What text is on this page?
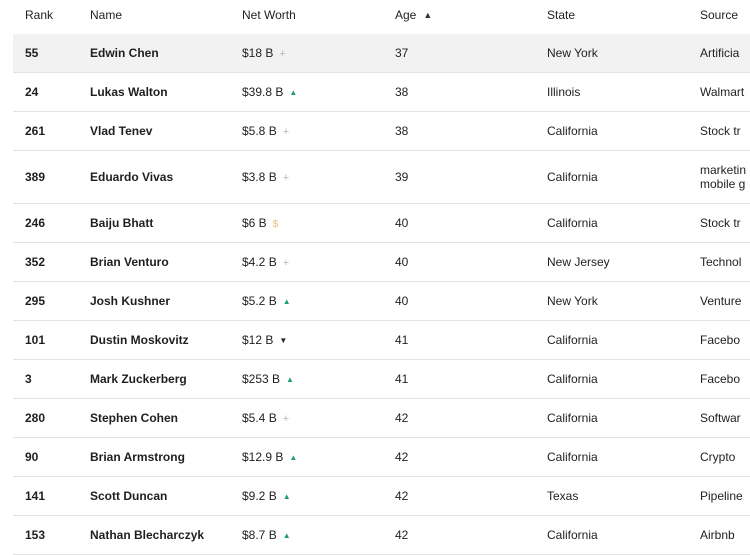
Rank	Name	Net Worth	Age ▲	State	Source
55	Edwin Chen	$18 B +	37	New York	Artificia
24	Lukas Walton	$39.8 B ▲	38	Illinois	Walmart
261	Vlad Tenev	$5.8 B +	38	California	Stock tr
389	Eduardo Vivas	$3.8 B +	39	California	marketin
mobile g
246	Baiju Bhatt	$6 B $	40	California	Stock tr
352	Brian Venturo	$4.2 B +	40	New Jersey	Technol
295	Josh Kushner	$5.2 B ▲	40	New York	Venture
101	Dustin Moskovitz	$12 B ▼	41	California	Facebo
3	Mark Zuckerberg	$253 B ▲	41	California	Facebo
280	Stephen Cohen	$5.4 B +	42	California	Softwar
90	Brian Armstrong	$12.9 B ▲	42	California	Crypto
141	Scott Duncan	$9.2 B ▲	42	Texas	Pipeline
153	Nathan Blecharczyk	$8.7 B ▲	42	California	Airbnb
